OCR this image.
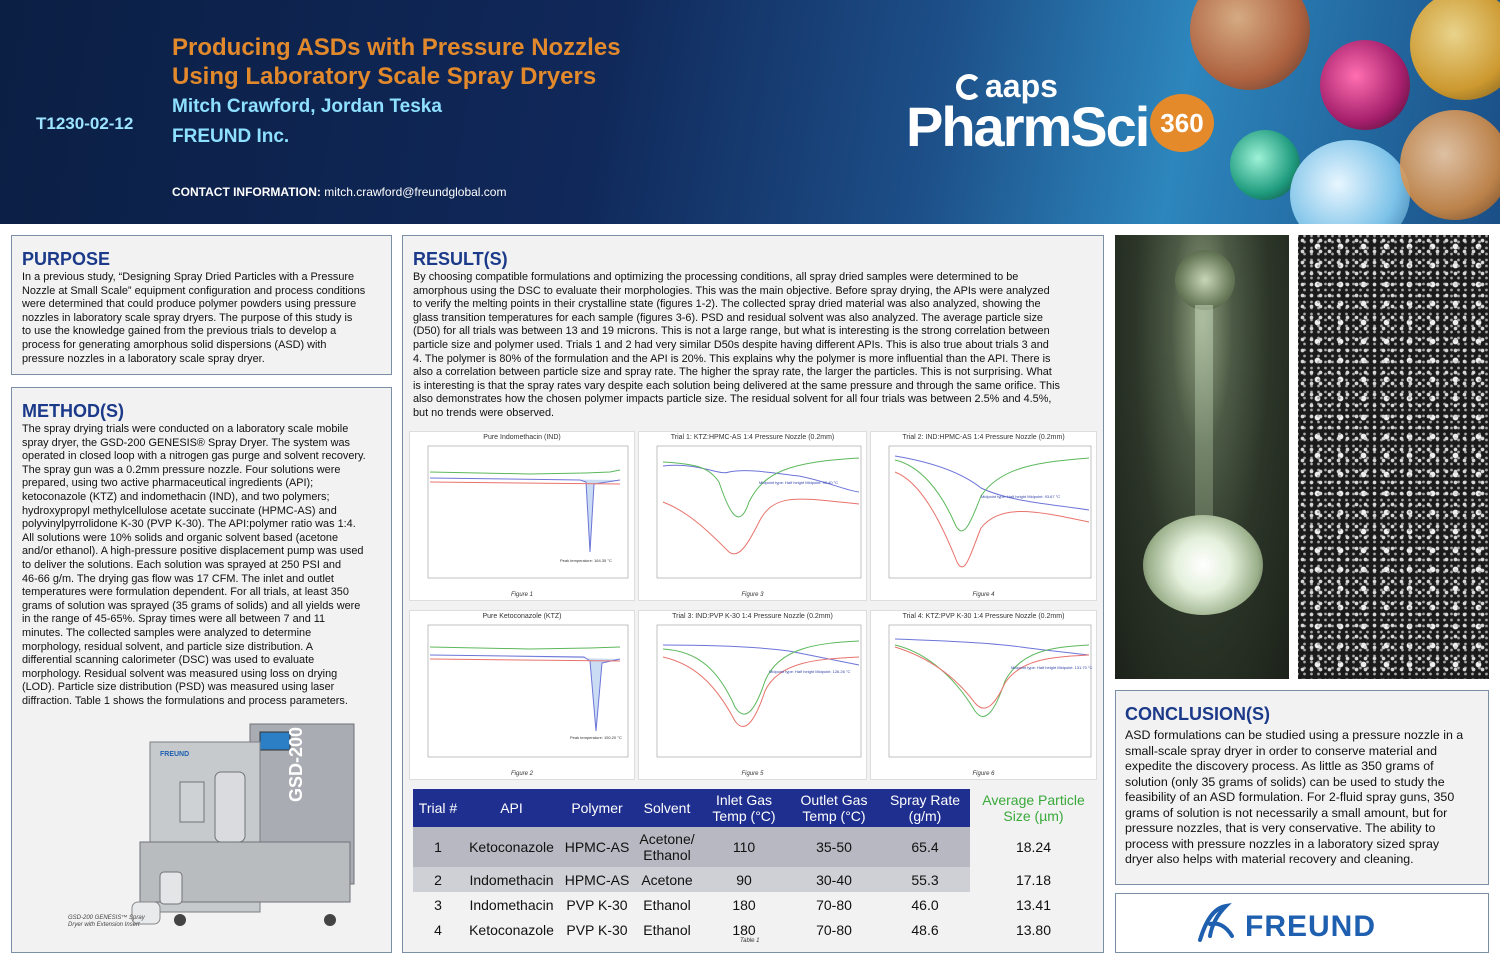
T1230-02-12
Producing ASDs with Pressure Nozzles
Using Laboratory Scale Spray Dryers
Mitch Crawford, Jordan Teska
FREUND Inc.
CONTACT INFORMATION: mitch.crawford@freundglobal.com
aaps
PharmSci 360
PURPOSE
In a previous study, “Designing Spray Dried Particles with a Pressure
Nozzle at Small Scale” equipment configuration and process conditions
were determined that could produce polymer powders using pressure
nozzles in laboratory scale spray dryers. The purpose of this study is
to use the knowledge gained from the previous trials to develop a
process for generating amorphous solid dispersions (ASD) with
pressure nozzles in a laboratory scale spray dryer.
METHOD(S)
The spray drying trials were conducted on a laboratory scale mobile
spray dryer, the GSD-200 GENESIS® Spray Dryer. The system was
operated in closed loop with a nitrogen gas purge and solvent recovery.
The spray gun was a 0.2mm pressure nozzle. Four solutions were
prepared, using two active pharmaceutical ingredients (API);
ketoconazole (KTZ) and indomethacin (IND), and two polymers;
hydroxypropyl methylcellulose acetate succinate (HPMC-AS) and
polyvinylpyrrolidone K-30 (PVP K-30). The API:polymer ratio was 1:4.
All solutions were 10% solids and organic solvent based (acetone
and/or ethanol). A high-pressure positive displacement pump was used
to deliver the solutions. Each solution was sprayed at 250 PSI and
46-66 g/m. The drying gas flow was 17 CFM. The inlet and outlet
temperatures were formulation dependent. For all trials, at least 350
grams of solution was sprayed (35 grams of solids) and all yields were
in the range of 45-65%. Spray times were all between 7 and 11
minutes. The collected samples were analyzed to determine
morphology, residual solvent, and particle size distribution. A
differential scanning calorimeter (DSC) was used to evaluate
morphology. Residual solvent was measured using loss on drying
(LOD). Particle size distribution (PSD) was measured using laser
diffraction. Table 1 shows the formulations and process parameters.
GSD-200
FREUND
GSD-200 GENESIS™ Spray
Dryer with Extension Insert
RESULT(S)
By choosing compatible formulations and optimizing the processing conditions, all spray dried samples were determined to be
amorphous using the DSC to evaluate their morphologies. This was the main objective. Before spray drying, the APIs were analyzed
to verify the melting points in their crystalline state (figures 1-2). The collected spray dried material was also analyzed, showing the
glass transition temperatures for each sample (figures 3-6). PSD and residual solvent was also analyzed. The average particle size
(D50) for all trials was between 13 and 19 microns. This is not a large range, but what is interesting is the strong correlation between
particle size and polymer used. Trials 1 and 2 had very similar D50s despite having different APIs. This is also true about trials 3 and
4. The polymer is 80% of the formulation and the API is 20%. This explains why the polymer is more influential than the API. There is
also a correlation between particle size and spray rate. The higher the spray rate, the larger the particles. This is not surprising. What
is interesting is that the spray rates vary despite each solution being delivered at the same pressure and through the same orifice. This
also demonstrates how the chosen polymer impacts particle size. The residual solvent for all four trials was between 2.5% and 4.5%,
but no trends were observed.
Pure Indomethacin (IND)
Peak temperature: 164.35 °C
Figure 1
Trial 1: KTZ:HPMC-AS 1:4 Pressure Nozzle (0.2mm)
Midpoint type: Half height Midpoint: 90.40 °C
Figure 3
Trial 2: IND:HPMC-AS 1:4 Pressure Nozzle (0.2mm)
Midpoint type: Half height Midpoint: 93.67 °C
Figure 4
Pure Ketoconazole (KTZ)
Peak temperature: 150.20 °C
Figure 2
Trial 3: IND:PVP K-30 1:4 Pressure Nozzle (0.2mm)
Midpoint type: Half height Midpoint: 126.26 °C
Figure 5
Trial 4: KTZ:PVP K-30 1:4 Pressure Nozzle (0.2mm)
Midpoint type: Half height Midpoint: 131.70 °C
Figure 6
Trial #	API	Polymer	Solvent	Inlet Gas Temp (°C)	Outlet Gas Temp (°C)	Spray Rate (g/m)	Average Particle Size (µm)
1	Ketoconazole	HPMC-AS	Acetone/ Ethanol	110	35-50	65.4	18.24
2	Indomethacin	HPMC-AS	Acetone	90	30-40	55.3	17.18
3	Indomethacin	PVP K-30	Ethanol	180	70-80	46.0	13.41
4	Ketoconazole	PVP K-30	Ethanol	180	70-80	48.6	13.80
Table 1
CONCLUSION(S)
ASD formulations can be studied using a pressure nozzle in a
small-scale spray dryer in order to conserve material and
expedite the discovery process. As little as 350 grams of
solution (only 35 grams of solids) can be used to study the
feasibility of an ASD formulation. For 2-fluid spray guns, 350
grams of solution is not necessarily a small amount, but for
pressure nozzles, that is very conservative. The ability to
process with pressure nozzles in a laboratory sized spray
dryer also helps with material recovery and cleaning.
FREUND
